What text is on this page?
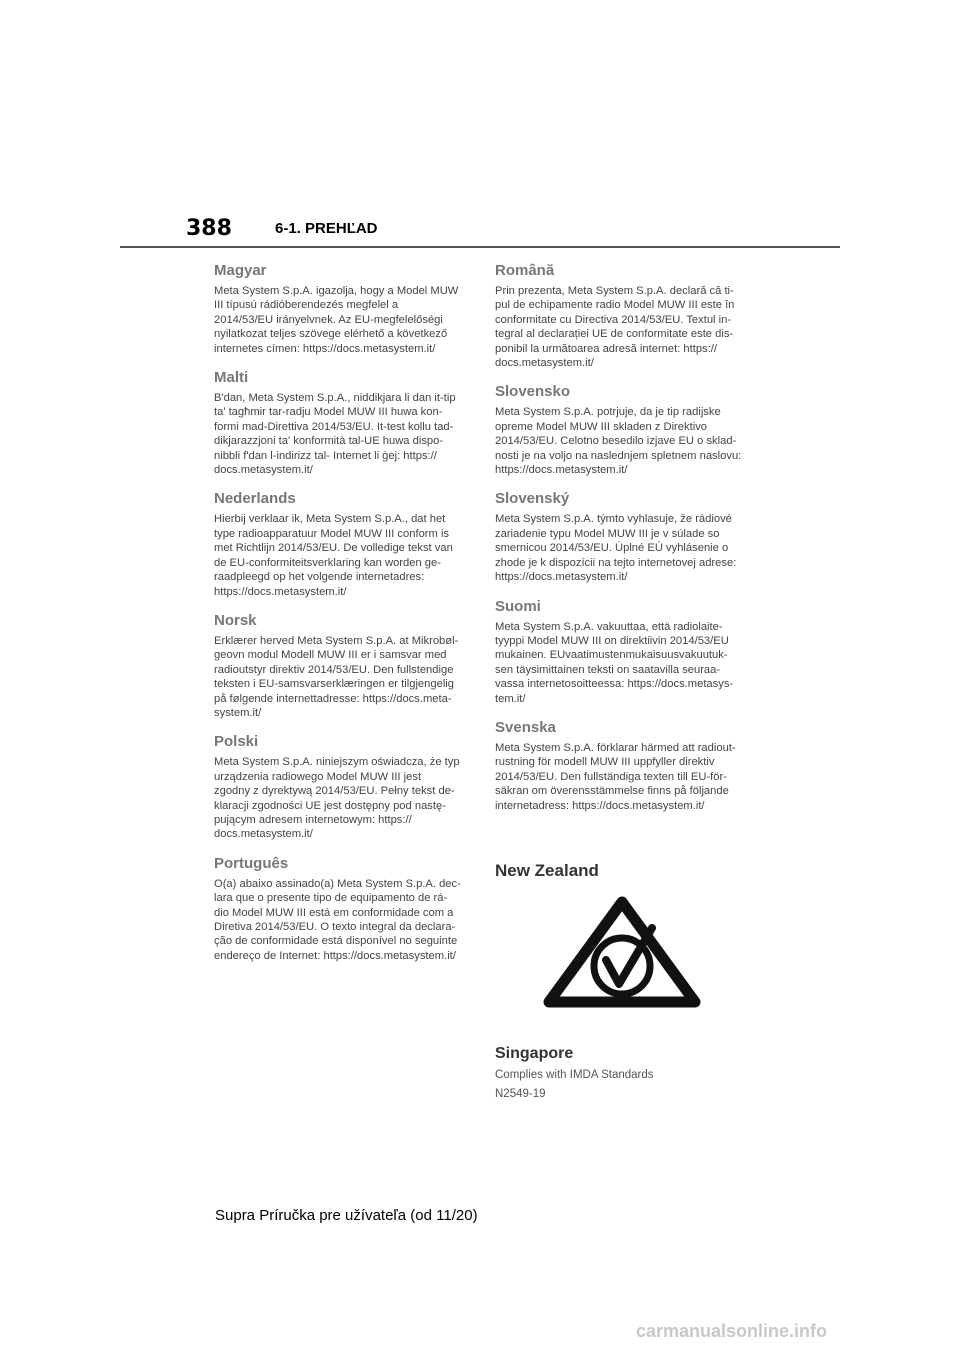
388	6-1. PREHĽAD
Magyar

Meta System S.p.A. igazolja, hogy a Model MUW
III típusú rádióberendezés megfelel a
2014/53/EU irányelvnek. Az EU-megfelelőségi
nyilatkozat teljes szövege elérhető a következő
internetes címen: https://docs.metasystem.it/

Malti

B'dan, Meta System S.p.A., niddikjara li dan it-tip
ta' tagħmir tar-radju Model MUW III huwa kon-
formi mad-Direttiva 2014/53/EU. It-test kollu tad-
dikjarazzjoni ta' konformità tal-UE huwa dispo-
nibbli f'dan l-indirizz tal- Internet li ġej: https://
docs.metasystem.it/

Nederlands

Hierbij verklaar ik, Meta System S.p.A., dat het
type radioapparatuur Model MUW III conform is
met Richtlijn 2014/53/EU. De volledige tekst van
de EU-conformiteitsverklaring kan worden ge-
raadpleegd op het volgende internetadres:
https://docs.metasystem.it/

Norsk

Erklærer herved Meta System S.p.A. at Mikrobøl-
geovn modul Modell MUW III er i samsvar med
radioutstyr direktiv 2014/53/EU. Den fullstendige
teksten i EU-samsvarserklæringen er tilgjengelig
på følgende internettadresse: https://docs.meta-
system.it/

Polski

Meta System S.p.A. niniejszym oświadcza, że typ
urządzenia radiowego Model MUW III jest
zgodny z dyrektywą 2014/53/EU. Pełny tekst de-
klaracji zgodności UE jest dostępny pod nastę-
pującym adresem internetowym: https://
docs.metasystem.it/

Português

O(a) abaixo assinado(a) Meta System S.p.A. dec-
lara que o presente tipo de equipamento de rá-
dio Model MUW III está em conformidade com a
Diretiva 2014/53/EU. O texto integral da declara-
ção de conformidade está disponível no seguinte
endereço de Internet: https://docs.metasystem.it/

Română

Prin prezenta, Meta System S.p.A. declară că ti-
pul de echipamente radio Model MUW III este în
conformitate cu Directiva 2014/53/EU. Textul in-
tegral al declarației UE de conformitate este dis-
ponibil la următoarea adresă internet: https://
docs.metasystem.it/

Slovensko

Meta System S.p.A. potrjuje, da je tip radijske
opreme Model MUW III skladen z Direktivo
2014/53/EU. Celotno besedilo izjave EU o sklad-
nosti je na voljo na naslednjem spletnem naslovu:
https://docs.metasystem.it/

Slovenský

Meta System S.p.A. týmto vyhlasuje, že rádiové
zariadenie typu Model MUW III je v súlade so
smernicou 2014/53/EU. Úplné EÚ vyhlásenie o
zhode je k dispozícii na tejto internetovej adrese:
https://docs.metasystem.it/

Suomi

Meta System S.p.A. vakuuttaa, että radiolaite-
tyyppi Model MUW III on direktiivin 2014/53/EU
mukainen. EUvaatimustenmukaisuusvakuutuk-
sen täysimittainen teksti on saatavilla seuraa-
vassa internetosoitteessa: https://docs.metasys-
tem.it/

Svenska

Meta System S.p.A. förklarar härmed att radiout-
rustning för modell MUW III uppfyller direktiv
2014/53/EU. Den fullständiga texten till EU-för-
säkran om överensstämmelse finns på följande
internetadress: https://docs.metasystem.it/

New Zealand
Singapore

Complies with IMDA Standards

N2549-19

Supra Príručka pre užívateľa (od 11/20)
carmanualsonline.info
